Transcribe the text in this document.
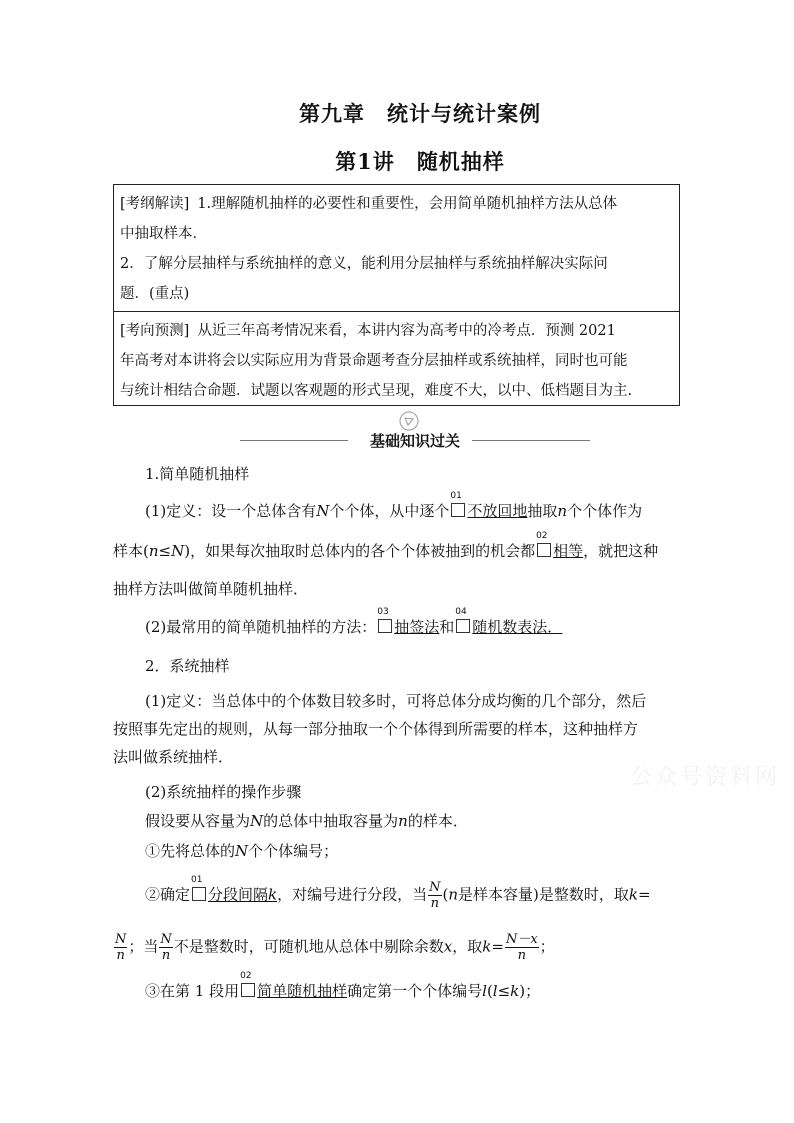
第九章 统计与统计案例
第1讲 随机抽样

[考纲解读] 1.理解随机抽样的必要性和重要性，会用简单随机抽样方法从总体

中抽取样本．

2．了解分层抽样与系统抽样的意义，能利用分层抽样与系统抽样解决实际问

题．(重点)

[考向预测] 从近三年高考情况来看，本讲内容为高考中的冷考点．预测 2021

年高考对本讲将会以实际应用为背景命题考查分层抽样或系统抽样，同时也可能

与统计相结合命题．试题以客观题的形式呈现，难度不大，以中、低档题目为主.

基础知识过关
1.简单随机抽样
(1)定义：设一个总体含有N个个体，从中逐个
01
不放回地抽取n个个体作为
样本(n≤N)，如果每次抽取时总体内的各个个体被抽到的机会都
02
相等，就把这种
抽样方法叫做简单随机抽样．
(2)最常用的简单随机抽样的方法：
03
抽签法和
04
随机数表法．
2．系统抽样
(1)定义：当总体中的个体数目较多时，可将总体分成均衡的几个部分，然后
按照事先定出的规则，从每一部分抽取一个个体得到所需要的样本，这种抽样方
法叫做系统抽样．
(2)系统抽样的操作步骤
假设要从容量为N的总体中抽取容量为n的样本．
①先将总体的N个个体编号；
②确定
01
分段间隔k，对编号进行分段，当 $\frac{N}{n} (n$是样本容量)是整数时，取k=
$\frac{N}{n}$ ；当 $\frac{N}{n}$ 不是整数时，可随机地从总体中剔除余数x，取$k= \frac{N-x}{n}$ ；
③在第 1 段用
02
简单随机抽样确定第一个个体编号l(l≤k)；
公众号资料网
